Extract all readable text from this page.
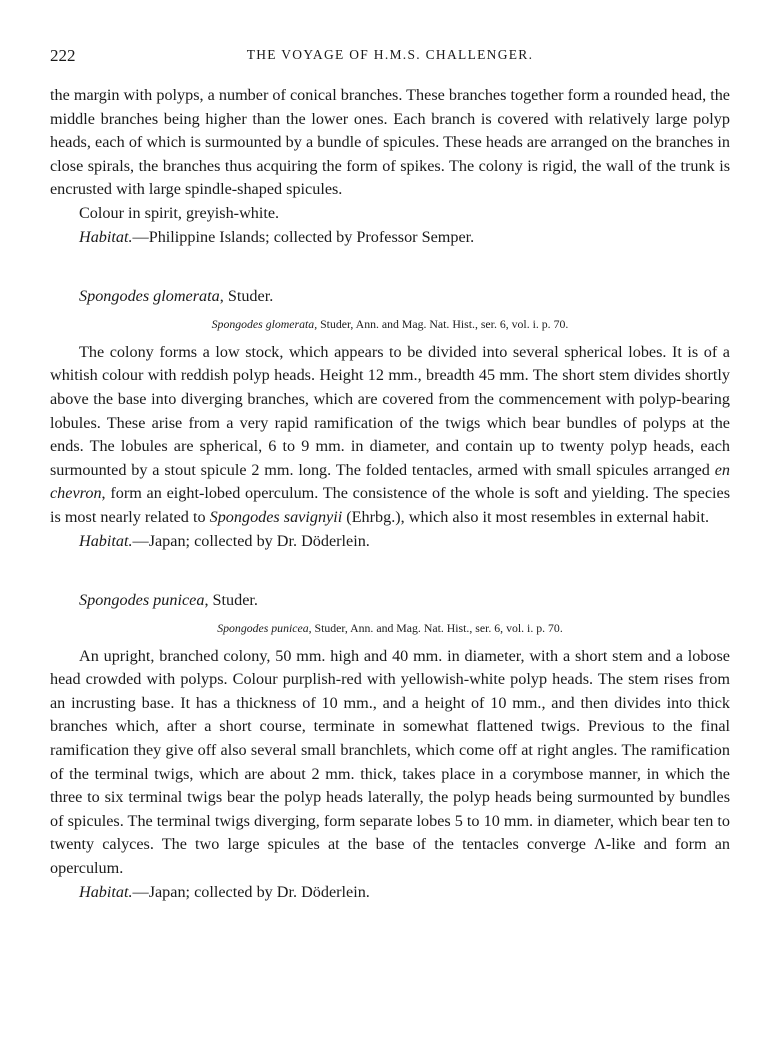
222	THE VOYAGE OF H.M.S. CHALLENGER.

the margin with polyps, a number of conical branches. These branches together form a rounded head, the middle branches being higher than the lower ones. Each branch is covered with relatively large polyp heads, each of which is surmounted by a bundle of spicules. These heads are arranged on the branches in close spirals, the branches thus acquiring the form of spikes. The colony is rigid, the wall of the trunk is encrusted with large spindle-shaped spicules.

Colour in spirit, greyish-white.

Habitat.—Philippine Islands; collected by Professor Semper.

Spongodes glomerata, Studer.
Spongodes glomerata, Studer, Ann. and Mag. Nat. Hist., ser. 6, vol. i. p. 70.

The colony forms a low stock, which appears to be divided into several spherical lobes. It is of a whitish colour with reddish polyp heads. Height 12 mm., breadth 45 mm. The short stem divides shortly above the base into diverging branches, which are covered from the commencement with polyp-bearing lobules. These arise from a very rapid ramification of the twigs which bear bundles of polyps at the ends. The lobules are spherical, 6 to 9 mm. in diameter, and contain up to twenty polyp heads, each surmounted by a stout spicule 2 mm. long. The folded tentacles, armed with small spicules arranged en chevron, form an eight-lobed operculum. The consistence of the whole is soft and yielding. The species is most nearly related to Spongodes savignyii (Ehrbg.), which also it most resembles in external habit.

Habitat.—Japan; collected by Dr. Döderlein.

Spongodes punicea, Studer.
Spongodes punicea, Studer, Ann. and Mag. Nat. Hist., ser. 6, vol. i. p. 70.

An upright, branched colony, 50 mm. high and 40 mm. in diameter, with a short stem and a lobose head crowded with polyps. Colour purplish-red with yellowish-white polyp heads. The stem rises from an incrusting base. It has a thickness of 10 mm., and a height of 10 mm., and then divides into thick branches which, after a short course, terminate in somewhat flattened twigs. Previous to the final ramification they give off also several small branchlets, which come off at right angles. The ramification of the terminal twigs, which are about 2 mm. thick, takes place in a corymbose manner, in which the three to six terminal twigs bear the polyp heads laterally, the polyp heads being surmounted by bundles of spicules. The terminal twigs diverging, form separate lobes 5 to 10 mm. in diameter, which bear ten to twenty calyces. The two large spicules at the base of the tentacles converge Λ-like and form an operculum.

Habitat.—Japan; collected by Dr. Döderlein.
